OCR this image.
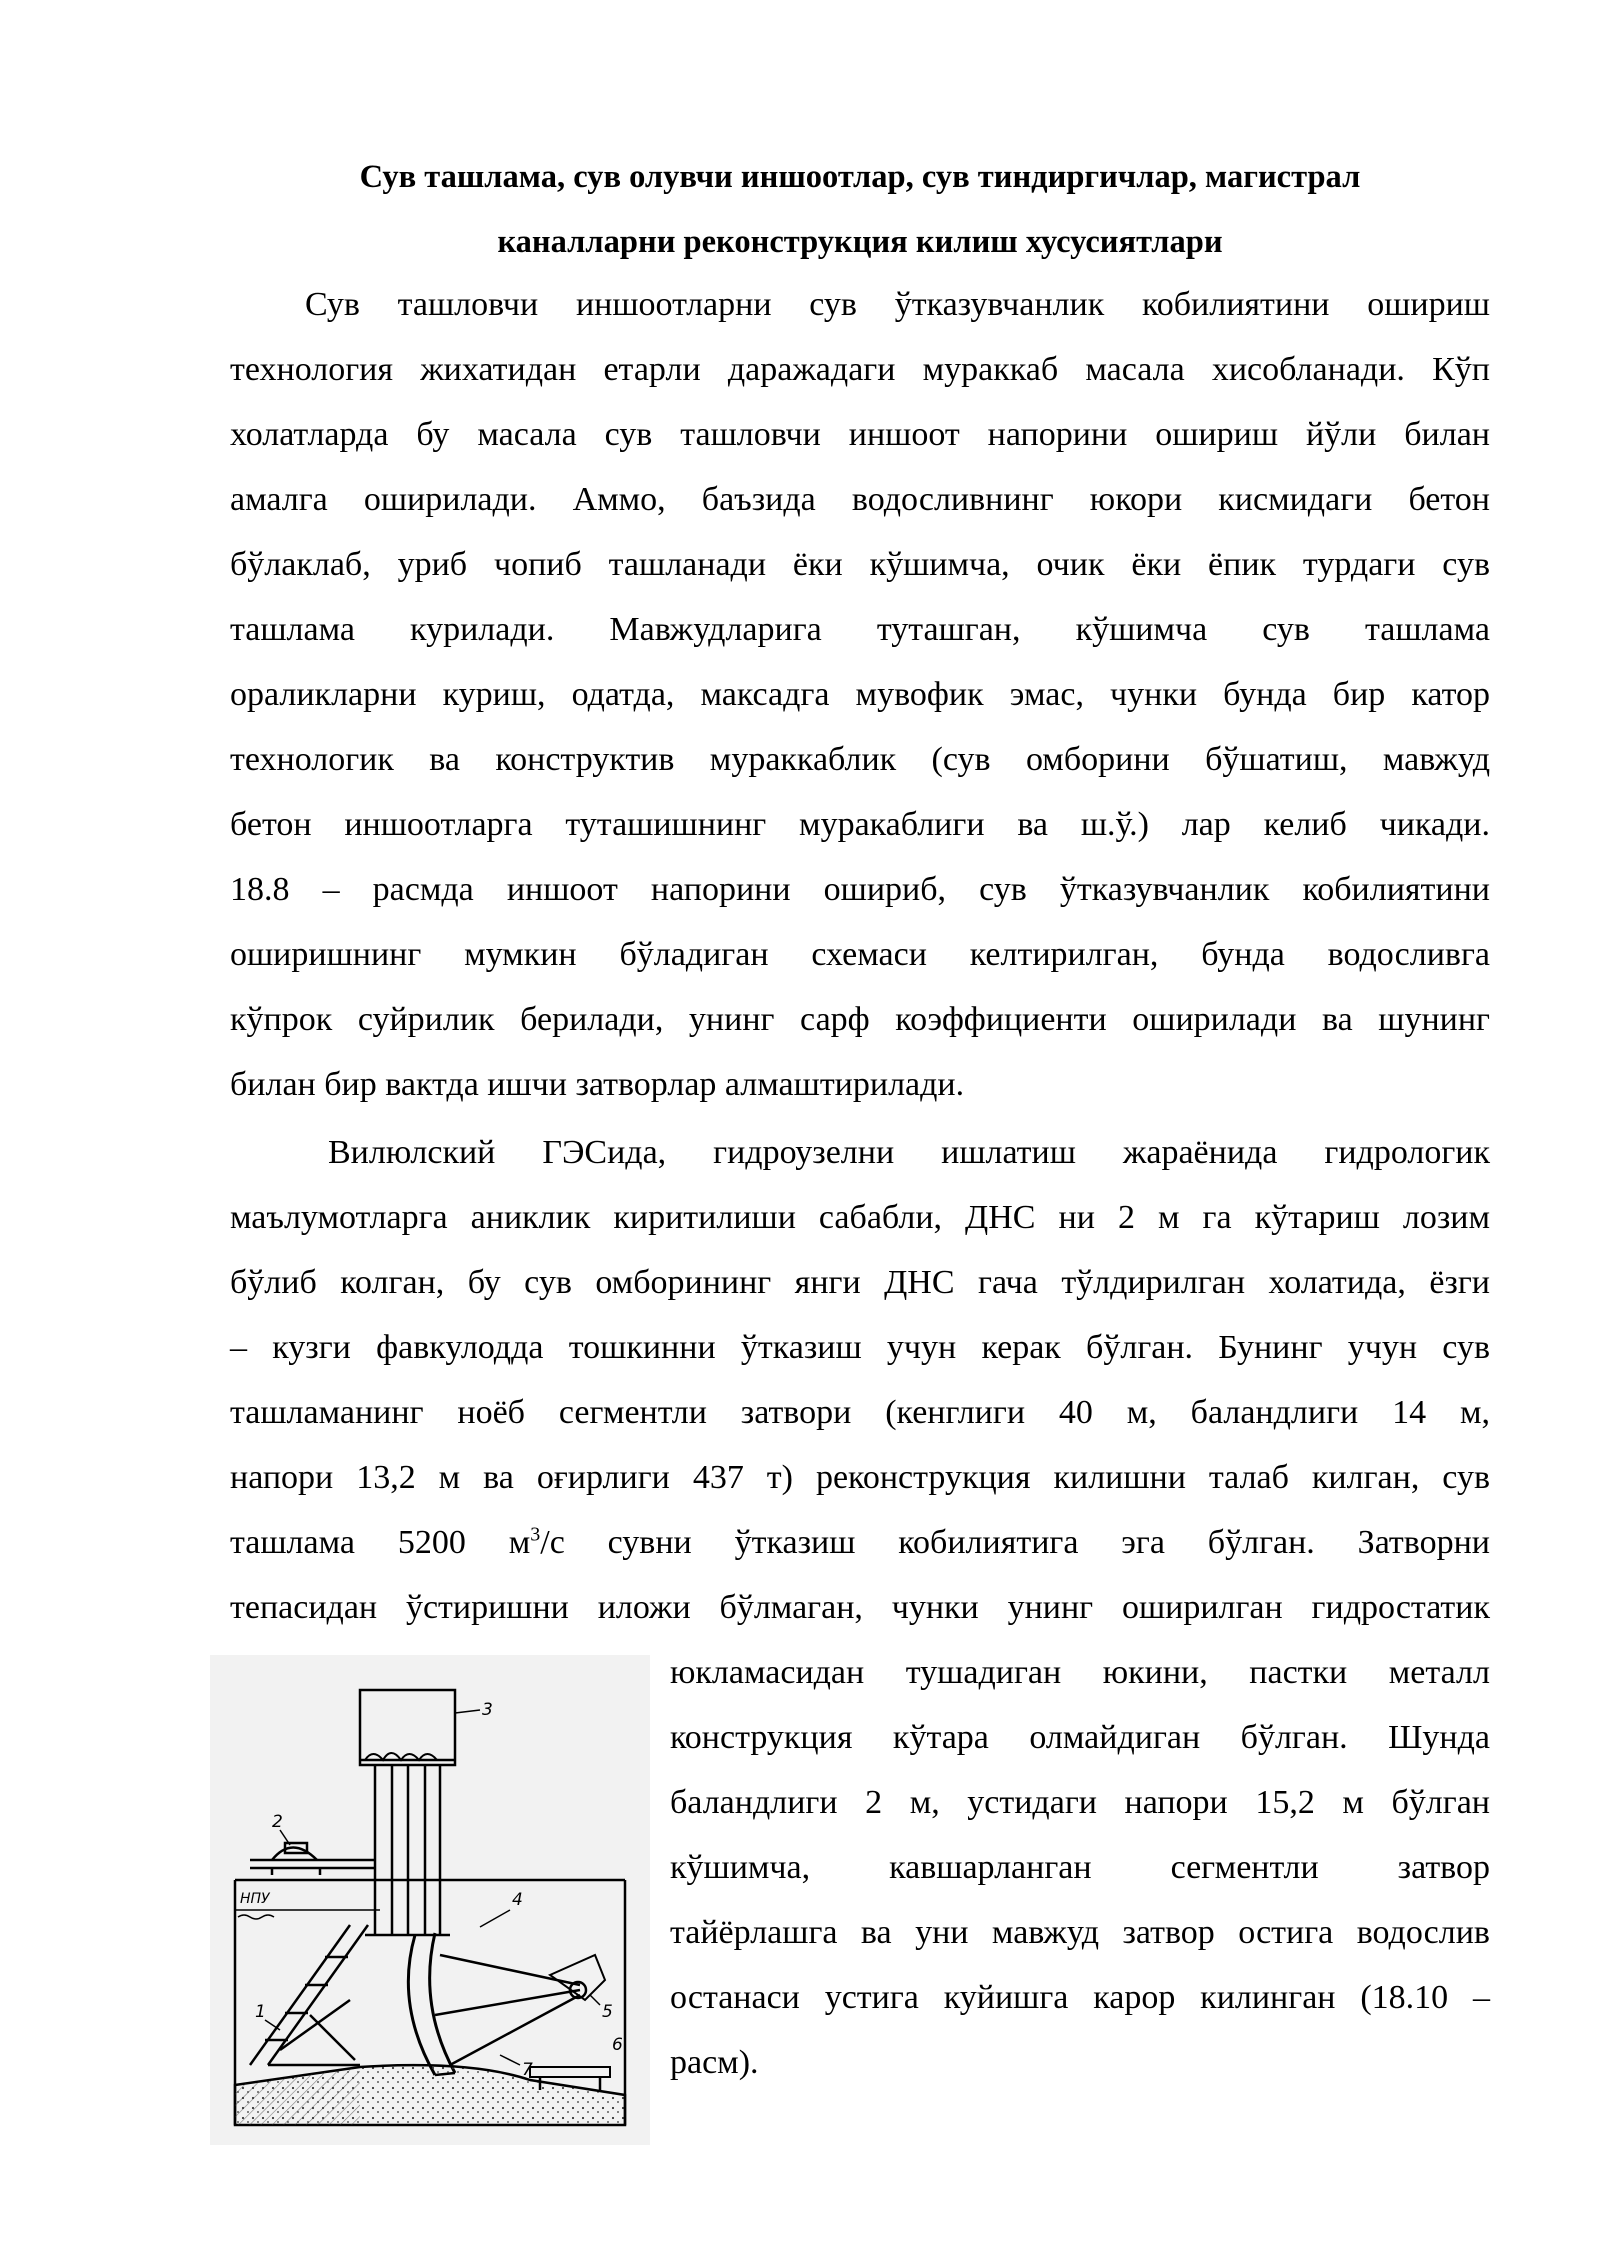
Сув ташлама, сув олувчи иншоотлар, сув тиндиргичлар, магистрал
каналларни реконструкция килиш хусусиятлари
Сув ташловчи иншоотларни сув ўтказувчанлик кобилиятини ошириш
технология жихатидан етарли даражадаги мураккаб масала хисобланади. Кўп
холатларда бу масала сув ташловчи иншоот напорини ошириш йўли билан
амалга оширилади. Аммо, баъзида водосливнинг юкори кисмидаги бетон
бўлаклаб, уриб чопиб ташланади ёки кўшимча, очик ёки ёпик турдаги сув
ташлама курилади. Мавжудларига туташган, кўшимча сув ташлама
ораликларни куриш, одатда, максадга мувофик эмас, чунки бунда бир катор
технологик ва конструктив мураккаблик (сув омборини бўшатиш, мавжуд
бетон иншоотларга туташишнинг муракаблиги ва ш.ў.) лар келиб чикади.
18.8 – расмда иншоот напорини ошириб, сув ўтказувчанлик кобилиятини
оширишнинг мумкин бўладиган схемаси келтирилган, бунда водосливга
кўпрок суйрилик берилади, унинг сарф коэффициенти оширилади ва шунинг
билан бир вактда ишчи затворлар алмаштирилади.
Вилюлский ГЭСида, гидроузелни ишлатиш жараёнида гидрологик
маълумотларга аниклик киритилиши сабабли, ДНС ни 2 м га кўтариш лозим
бўлиб колган, бу сув омборининг янги ДНС гача тўлдирилган холатида, ёзги
– кузги фавкулодда тошкинни ўтказиш учун керак бўлган. Бунинг учун сув
ташламанинг ноёб сегментли затвори (кенглиги 40 м, баландлиги 14 м,
напори 13,2 м ва оғирлиги 437 т) реконструкция килишни талаб килган, сув
ташлама 5200 $м^3/с$ сувни ўтказиш кобилиятига эга бўлган. Затворни
тепасидан ўстиришни иложи бўлмаган, чунки унинг оширилган гидростатик
юкламасидан тушадиган юкини, пастки металл
конструкция кўтара олмайдиган бўлган. Шунда
баландлиги 2 м, устидаги напори 15,2 м бўлган
кўшимча, кавшарланган сегментли затвор
тайёрлашга ва уни мавжуд затвор остига водослив
останаси устига куйишга карор килинган (18.10 –
расм).
3
2
НПУ	4
1	5
7
6
